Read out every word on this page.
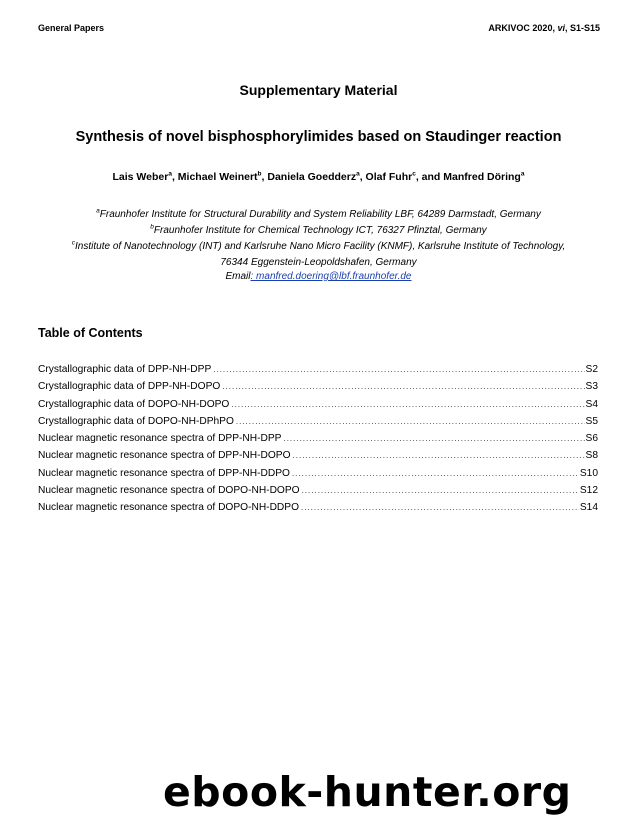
General Papers	ARKIVOC 2020, vi, S1-S15
Supplementary Material
Synthesis of novel bisphosphorylimides based on Staudinger reaction
Lais Weber$^a$, Michael Weinert$^b$, Daniela Goedderz$^a$, Olaf Fuhr$^c$, and Manfred Döring$^a$
$^a$Fraunhofer Institute for Structural Durability and System Reliability LBF, 64289 Darmstadt, Germany
$^b$Fraunhofer Institute for Chemical Technology ICT, 76327 Pfinztal, Germany
$^c$Institute of Nanotechnology (INT) and Karlsruhe Nano Micro Facility (KNMF), Karlsruhe Institute of Technology,
76344 Eggenstein-Leopoldshafen, Germany
Email: manfred.doering@lbf.fraunhofer.de
Table of Contents
Crystallographic data of DPP-NH-DPP .....	S2
Crystallographic data of DPP-NH-DOPO .....	S3
Crystallographic data of DOPO-NH-DOPO .....	S4
Crystallographic data of DOPO-NH-DPhPO .....	S5
Nuclear magnetic resonance spectra of DPP-NH-DPP .....	S6
Nuclear magnetic resonance spectra of DPP-NH-DOPO .....	S8
Nuclear magnetic resonance spectra of DPP-NH-DDPO .....	S10
Nuclear magnetic resonance spectra of DOPO-NH-DOPO .....	S12
Nuclear magnetic resonance spectra of DOPO-NH-DDPO .....	S14
ebook-hunter.org
